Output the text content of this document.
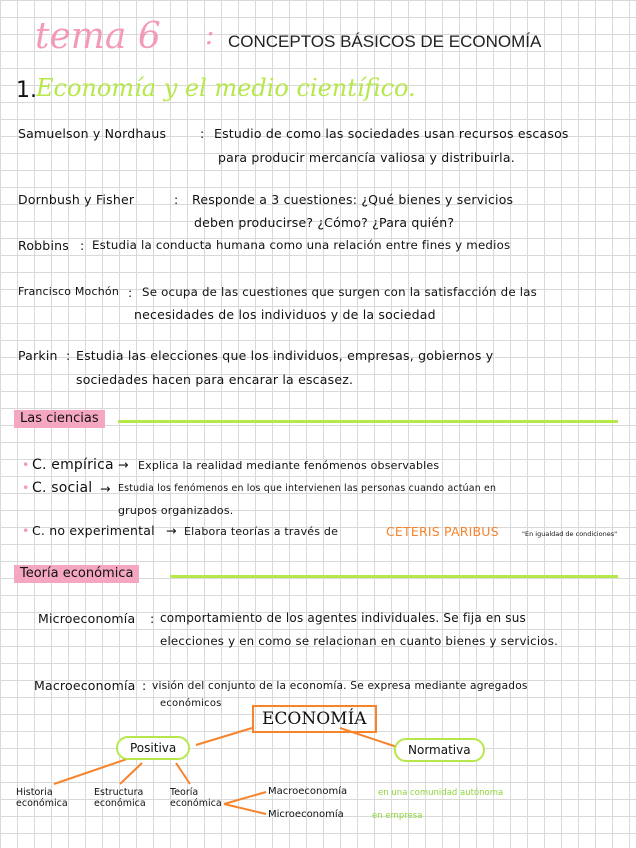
tema 6 : CONCEPTOS BÁSICOS DE ECONOMÍA
1. Economía y el medio científico.
Samuelson y Nordhaus	: Estudio de como las sociedades usan recursos escasos
para producir mercancía valiosa y distribuirla.
Dornbush y Fisher	: Responde a 3 cuestiones: ¿Qué bienes y servicios
deben producirse? ¿Cómo? ¿Para quién?
Robbins : Estudia la conducta humana como una relación entre fines y medios
Francisco Mochón : Se ocupa de las cuestiones que surgen con la satisfacción de las
necesidades de los individuos y de la sociedad
Parkin : Estudia las elecciones que los individuos, empresas, gobiernos y
sociedades hacen para encarar la escasez.
Las ciencias
• C. empírica → Explica la realidad mediante fenómenos observables
• C. social → Estudia los fenómenos en los que intervienen las personas cuando actúan en
grupos organizados.
• C. no experimental → Elabora teorías a través de	CETERIS PARIBUS	"En igualdad de condiciones"
Teoría económica
Microeconomía : comportamiento de los agentes individuales. Se fija en sus
elecciones y en como se relacionan en cuanto bienes y servicios.
Macroeconomía : visión del conjunto de la economía. Se expresa mediante agregados
económicos
ECONOMÍA
Positiva	Normativa
Historia económica
Estructura económica
Teoría económica
Macroeconomía	en una comunidad autónoma
Microeconomía	en empresa
